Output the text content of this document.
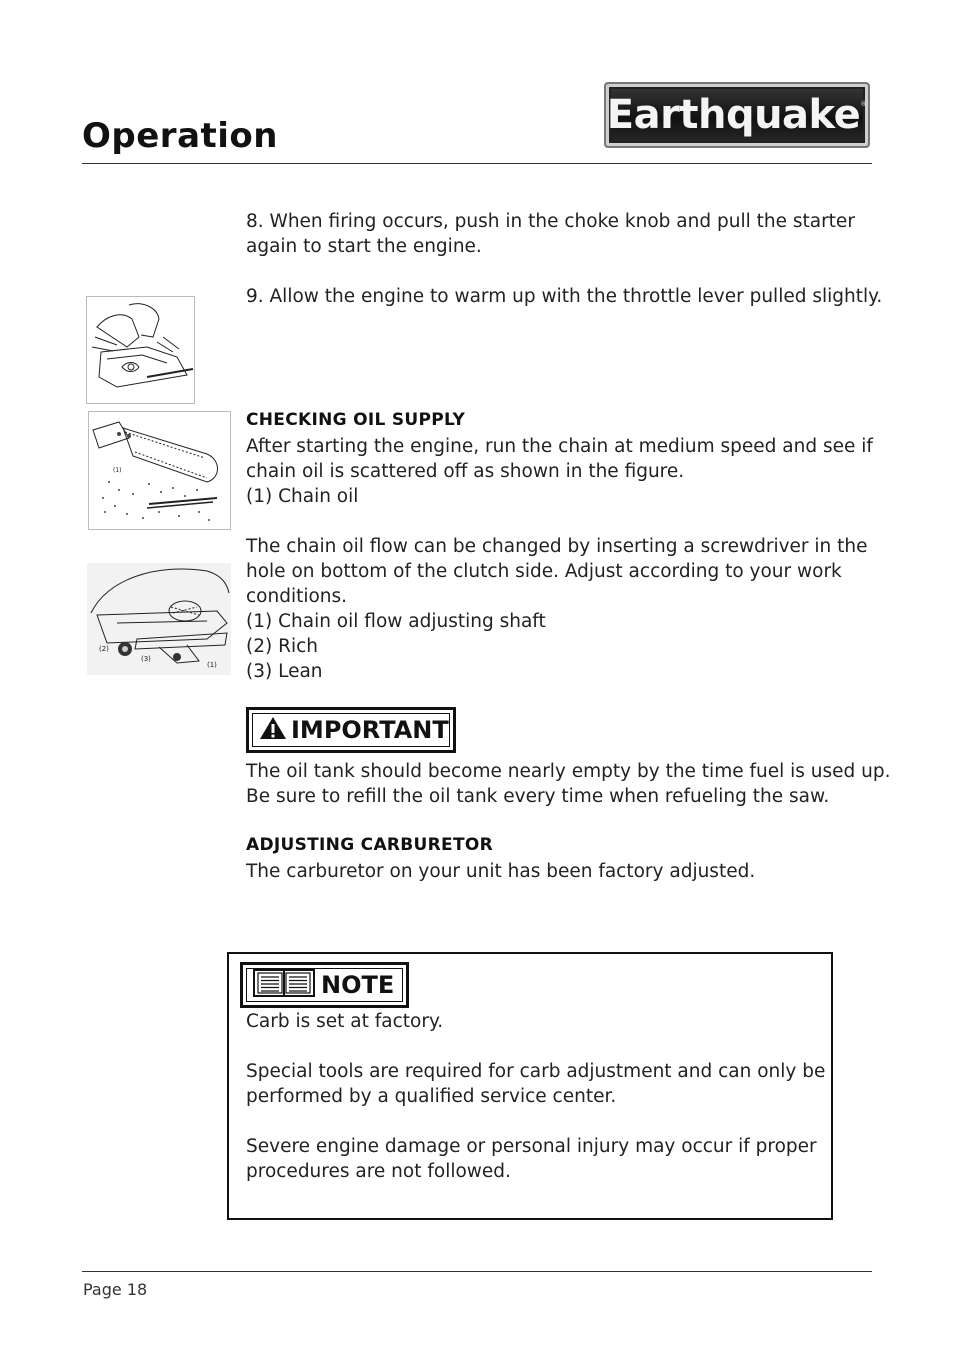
Operation	Earthquake ®

8. When firing occurs, push in the choke knob and pull the starter
again to start the engine.

9. Allow the engine to warm up with the throttle lever pulled slightly.

CHECKING OIL SUPPLY

After starting the engine, run the chain at medium speed and see if
chain oil is scattered off as shown in the figure.
(1) Chain oil

(1)

The chain oil flow can be changed by inserting a screwdriver in the
hole on bottom of the clutch side. Adjust according to your work
conditions.
(1) Chain oil flow adjusting shaft
(2) Rich
(3) Lean

(2)
(3)
(1)
IMPORTANT

The oil tank should become nearly empty by the time fuel is used up.
Be sure to refill the oil tank every time when refueling the saw.

ADJUSTING CARBURETOR

The carburetor on your unit has been factory adjusted.

NOTE

Carb is set at factory.

Special tools are required for carb adjustment and can only be
performed by a qualified service center.

Severe engine damage or personal injury may occur if proper
procedures are not followed.

Page 18
